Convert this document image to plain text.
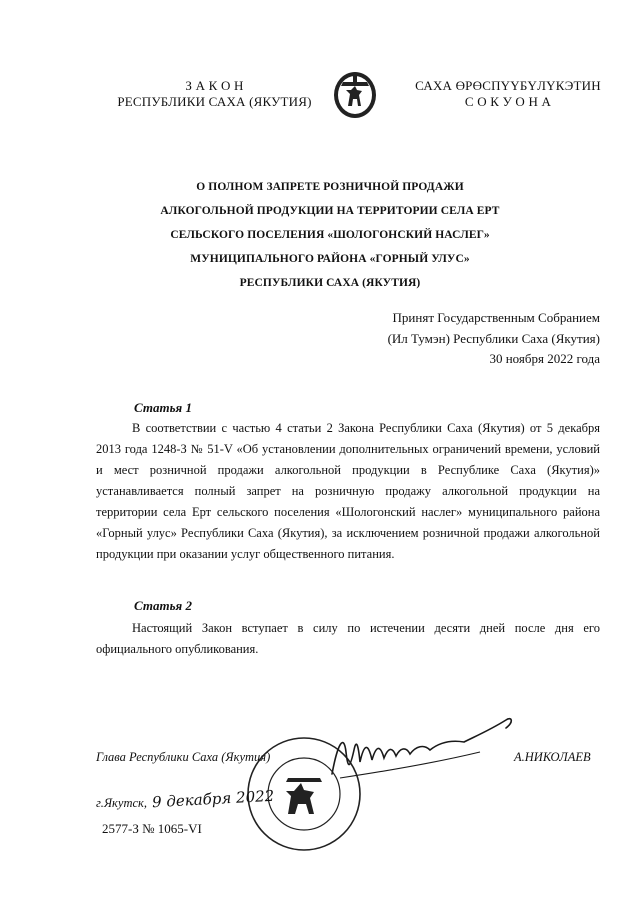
З А К О Н
РЕСПУБЛИКИ САХА (ЯКУТИЯ)
САХА ӨРӨСПҮҮБҮЛҮКЭТИН
С О К У О Н А
О ПОЛНОМ ЗАПРЕТЕ РОЗНИЧНОЙ ПРОДАЖИ
АЛКОГОЛЬНОЙ ПРОДУКЦИИ НА ТЕРРИТОРИИ СЕЛА ЕРТ
СЕЛЬСКОГО ПОСЕЛЕНИЯ «ШОЛОГОНСКИЙ НАСЛЕГ»
МУНИЦИПАЛЬНОГО РАЙОНА «ГОРНЫЙ УЛУС»
РЕСПУБЛИКИ САХА (ЯКУТИЯ)
Принят Государственным Собранием
(Ил Тумэн) Республики Саха (Якутия)
30 ноября 2022 года
Статья 1
В соответствии с частью 4 статьи 2 Закона Республики Саха (Якутия) от 5 декабря 2013 года 1248-З № 51-V «Об установлении дополнительных ограничений времени, условий и мест розничной продажи алкогольной продукции в Республике Саха (Якутия)» устанавливается полный запрет на розничную продажу алкогольной продукции на территории села Ерт сельского поселения «Шологонский наслег» муниципального района «Горный улус» Республики Саха (Якутия), за исключением розничной продажи алкогольной продукции при оказании услуг общественного питания.
Статья 2
Настоящий Закон вступает в силу по истечении десяти дней после дня его официального опубликования.
Глава Республики Саха (Якутия)	А.НИКОЛАЕВ
г.Якутск, 9 декабря 2022
2577-З № 1065-VI
